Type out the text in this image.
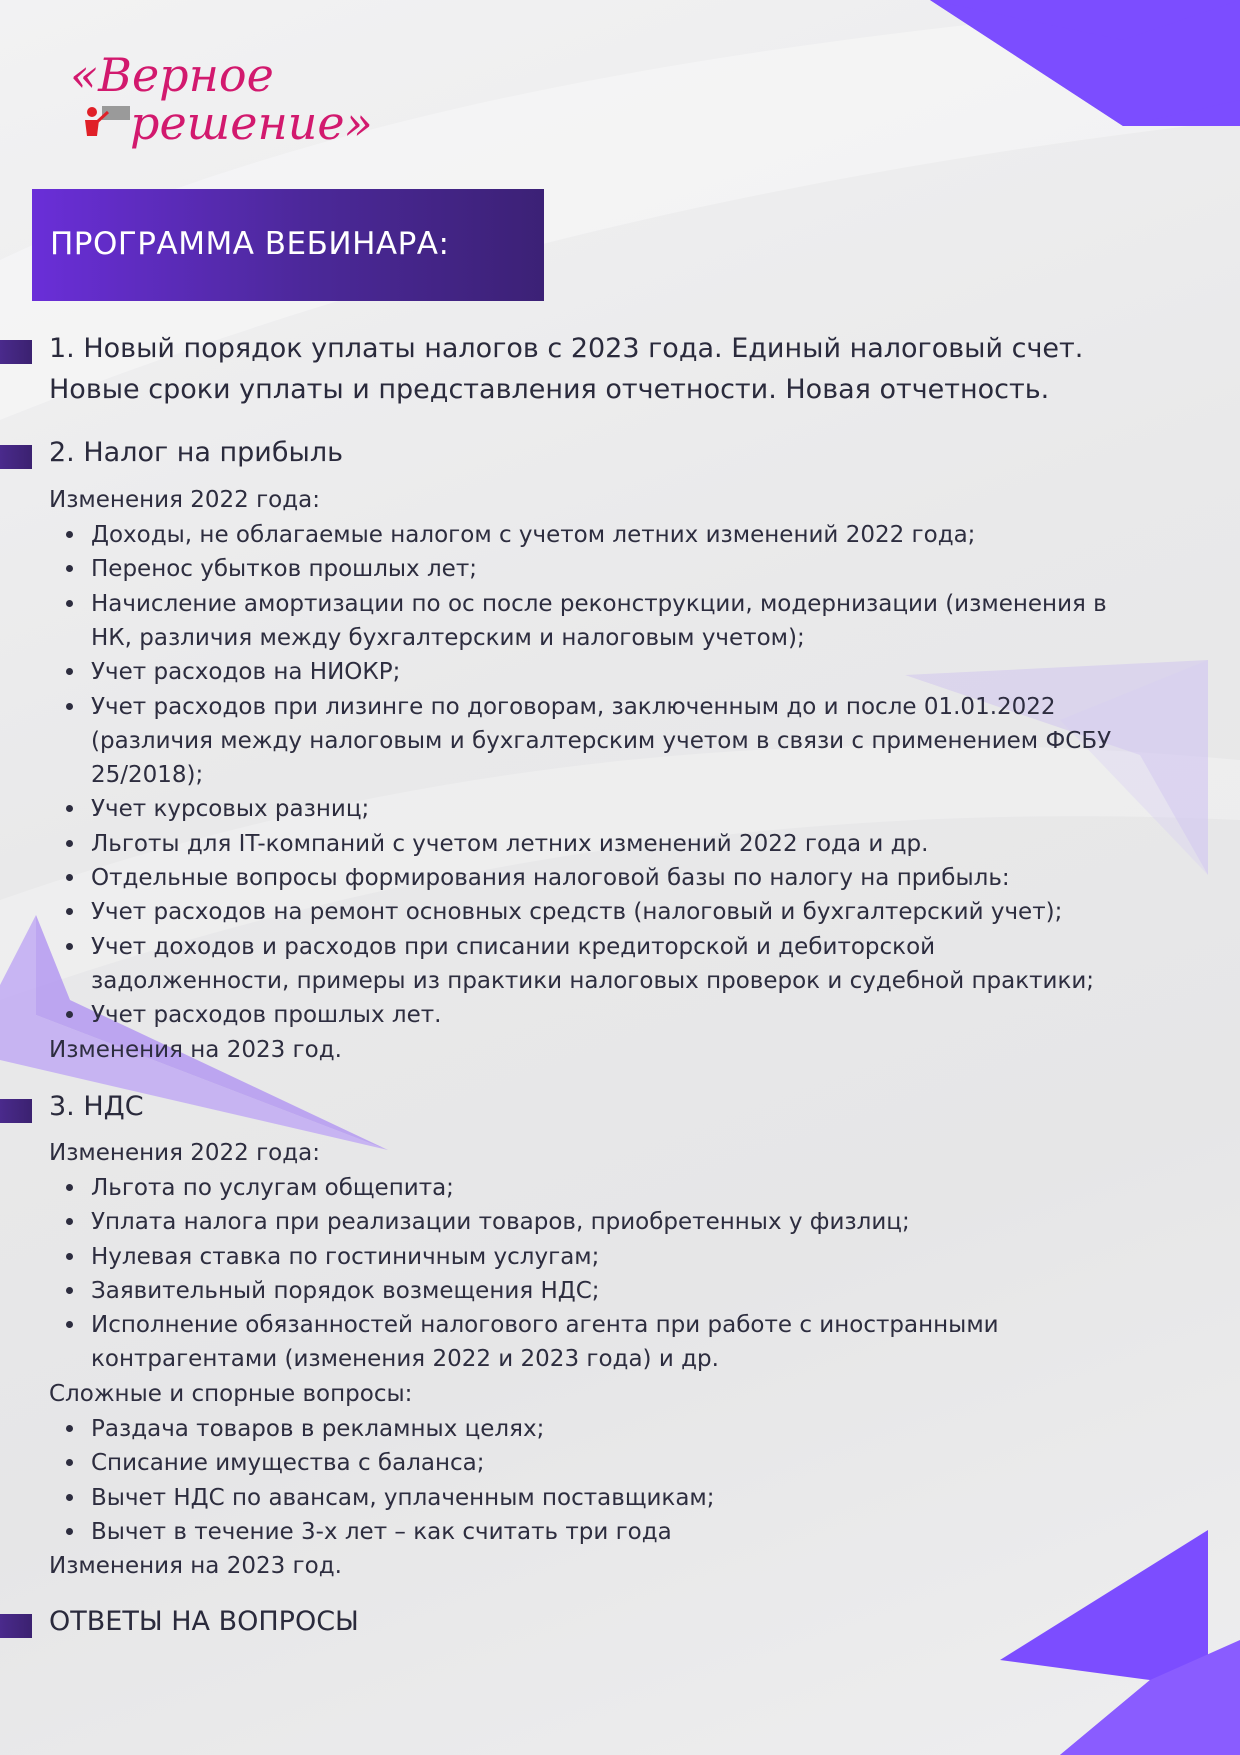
«Верное
решение»
ПРОГРАММА ВЕБИНАРА:
1. Новый порядок уплаты налогов с 2023 года. Единый налоговый счет.
Новые сроки уплаты и представления отчетности. Новая отчетность.
2. Налог на прибыль
Изменения 2022 года:
Доходы, не облагаемые налогом с учетом летних изменений 2022 года;
Перенос убытков прошлых лет;
Начисление амортизации по ос после реконструкции, модернизации (изменения в
НК, различия между бухгалтерским и налоговым учетом);
Учет расходов на НИОКР;
Учет расходов при лизинге по договорам, заключенным до и после 01.01.2022
(различия между налоговым и бухгалтерским учетом в связи с применением ФСБУ
25/2018);
Учет курсовых разниц;
Льготы для IT-компаний с учетом летних изменений 2022 года и др.
Отдельные вопросы формирования налоговой базы по налогу на прибыль:
Учет расходов на ремонт основных средств (налоговый и бухгалтерский учет);
Учет доходов и расходов при списании кредиторской и дебиторской
задолженности, примеры из практики налоговых проверок и судебной практики;
Учет расходов прошлых лет.
Изменения на 2023 год.
3. НДС
Изменения 2022 года:
Льгота по услугам общепита;
Уплата налога при реализации товаров, приобретенных у физлиц;
Нулевая ставка по гостиничным услугам;
Заявительный порядок возмещения НДС;
Исполнение обязанностей налогового агента при работе с иностранными
контрагентами (изменения 2022 и 2023 года) и др.
Сложные и спорные вопросы:
Раздача товаров в рекламных целях;
Списание имущества с баланса;
Вычет НДС по авансам, уплаченным поставщикам;
Вычет в течение 3-х лет – как считать три года
Изменения на 2023 год.
ОТВЕТЫ НА ВОПРОСЫ
